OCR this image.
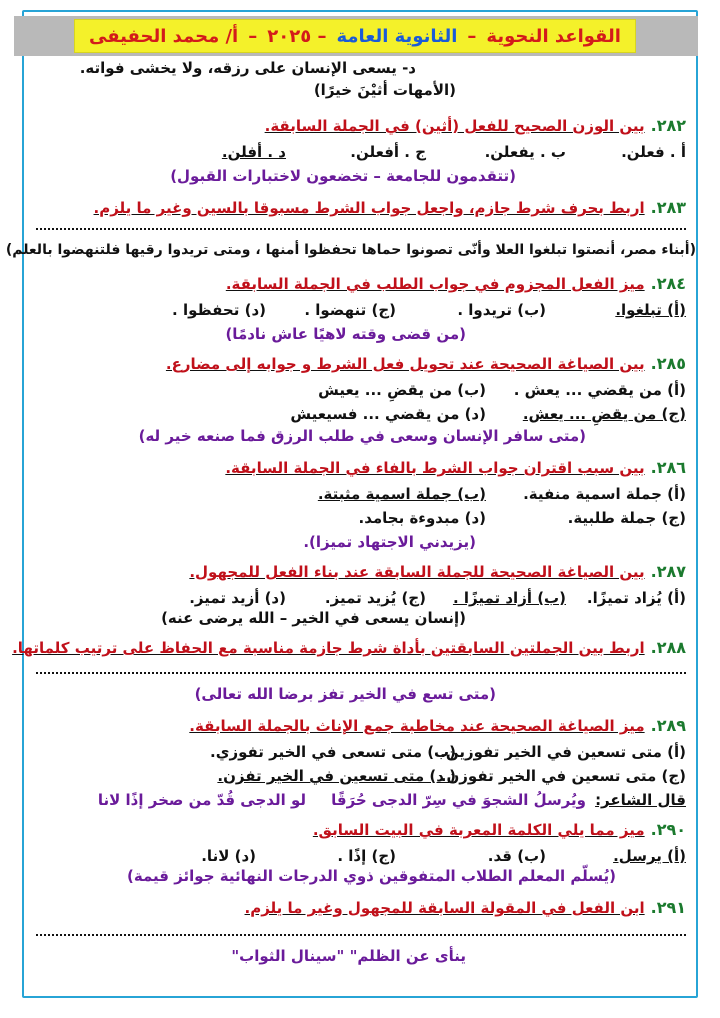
القواعد النحوية
–
الثانوية العامة
– ٢٠٢٥
–
أ/ محمد الحفيفى
د- يسعى الإنسان على رزقه، ولا يخشى فواته.
(الأمهات أثيْنَ خيرًا)
٢٨٢.
بين الوزن الصحيح للفعل (أثين) في الجملة السابقة.
أ . فعلن.
ب . يفعلن.
ج . أفعلن.
د . أفلن.
(تتقدمون للجامعة – تخضعون لاختبارات القبول)
٢٨٣.
اربط بحرف شرط جازم، واجعل جواب الشرط مسبوقا بالسين وغير ما يلزم.
(أبناء مصر، أنصتوا تبلغوا العلا وأنّى تصونوا حماها تحفظوا أمنها ، ومتى تريدوا رقيها فلتنهضوا بالعلم)
٢٨٤.
ميز الفعل المجزوم في جواب الطلب في الجملة السابقة.
(أ) تبلغوا.
(ب) تريدوا .
(ج) تنهضوا .
(د) تحفظوا .
(من قضى وقته لاهيًا عاش نادمًا)
٢٨٥.
بين الصياغة الصحيحة عند تحويل فعل الشرط و جوابه إلى مضارع.
(أ) من يقضي ... يعش .
(ب) من يقضِ ... يعيش
(ج) من يقضِ ... يعش.
(د) من يقضي ... فسيعيش
(متى سافر الإنسان وسعى في طلب الرزق فما صنعه خير له)
٢٨٦.
بين سبب اقتران جواب الشرط بالفاء في الجملة السابقة.
(أ) جملة اسمية منفية.
(ب) جملة اسمية مثبتة.
(ج) جملة طلبية.
(د) مبدوءة بجامد.
(يزيدني الاجتهاد تميزا).
٢٨٧.
بين الصياغة الصحيحة للجملة السابقة عند بناء الفعل للمجهول.
(أ) يُزاد تميزًا.
(ب) أزاد تميزًا .
(ج) يُزيد تميز.
(د) أزيد تميز.
(إنسان يسعى في الخير – الله يرضى عنه)
٢٨٨.
اربط بين الجملتين السابقتين بأداة شرط جازمة مناسبة مع الحفاظ على ترتيب كلماتها.
(متى تسع في الخير تفز برضا الله تعالى)
٢٨٩.
ميز الصياغة الصحيحة عند مخاطبة جمع الإناث بالجملة السابقة.
(أ) متى تسعين في الخير تفوزين.
(ب) متى تسعى في الخير تفوزي.
(ج) متى تسعين في الخير تفوزن.
( د) متى تسعين في الخير تفزن.
قال الشاعر:
ويُرسلُ الشجوَ في سِرّ الدجى حُرَقًا
لو الدجى قُدّ من صخر إذًا لانا
٢٩٠.
ميز مما يلي الكلمة المعربة في البيت السابق.
(أ) يرسل.
(ب) قد.
(ج) إذًا .
(د) لانا.
(يُسلّم المعلم الطلاب المتفوقين ذوي الدرجات النهائية جوائز قيمة)
٢٩١.
ابن الفعل في المقولة السابقة للمجهول وغير ما يلزم.
ينأى عن الظلم" "سينال الثواب"
